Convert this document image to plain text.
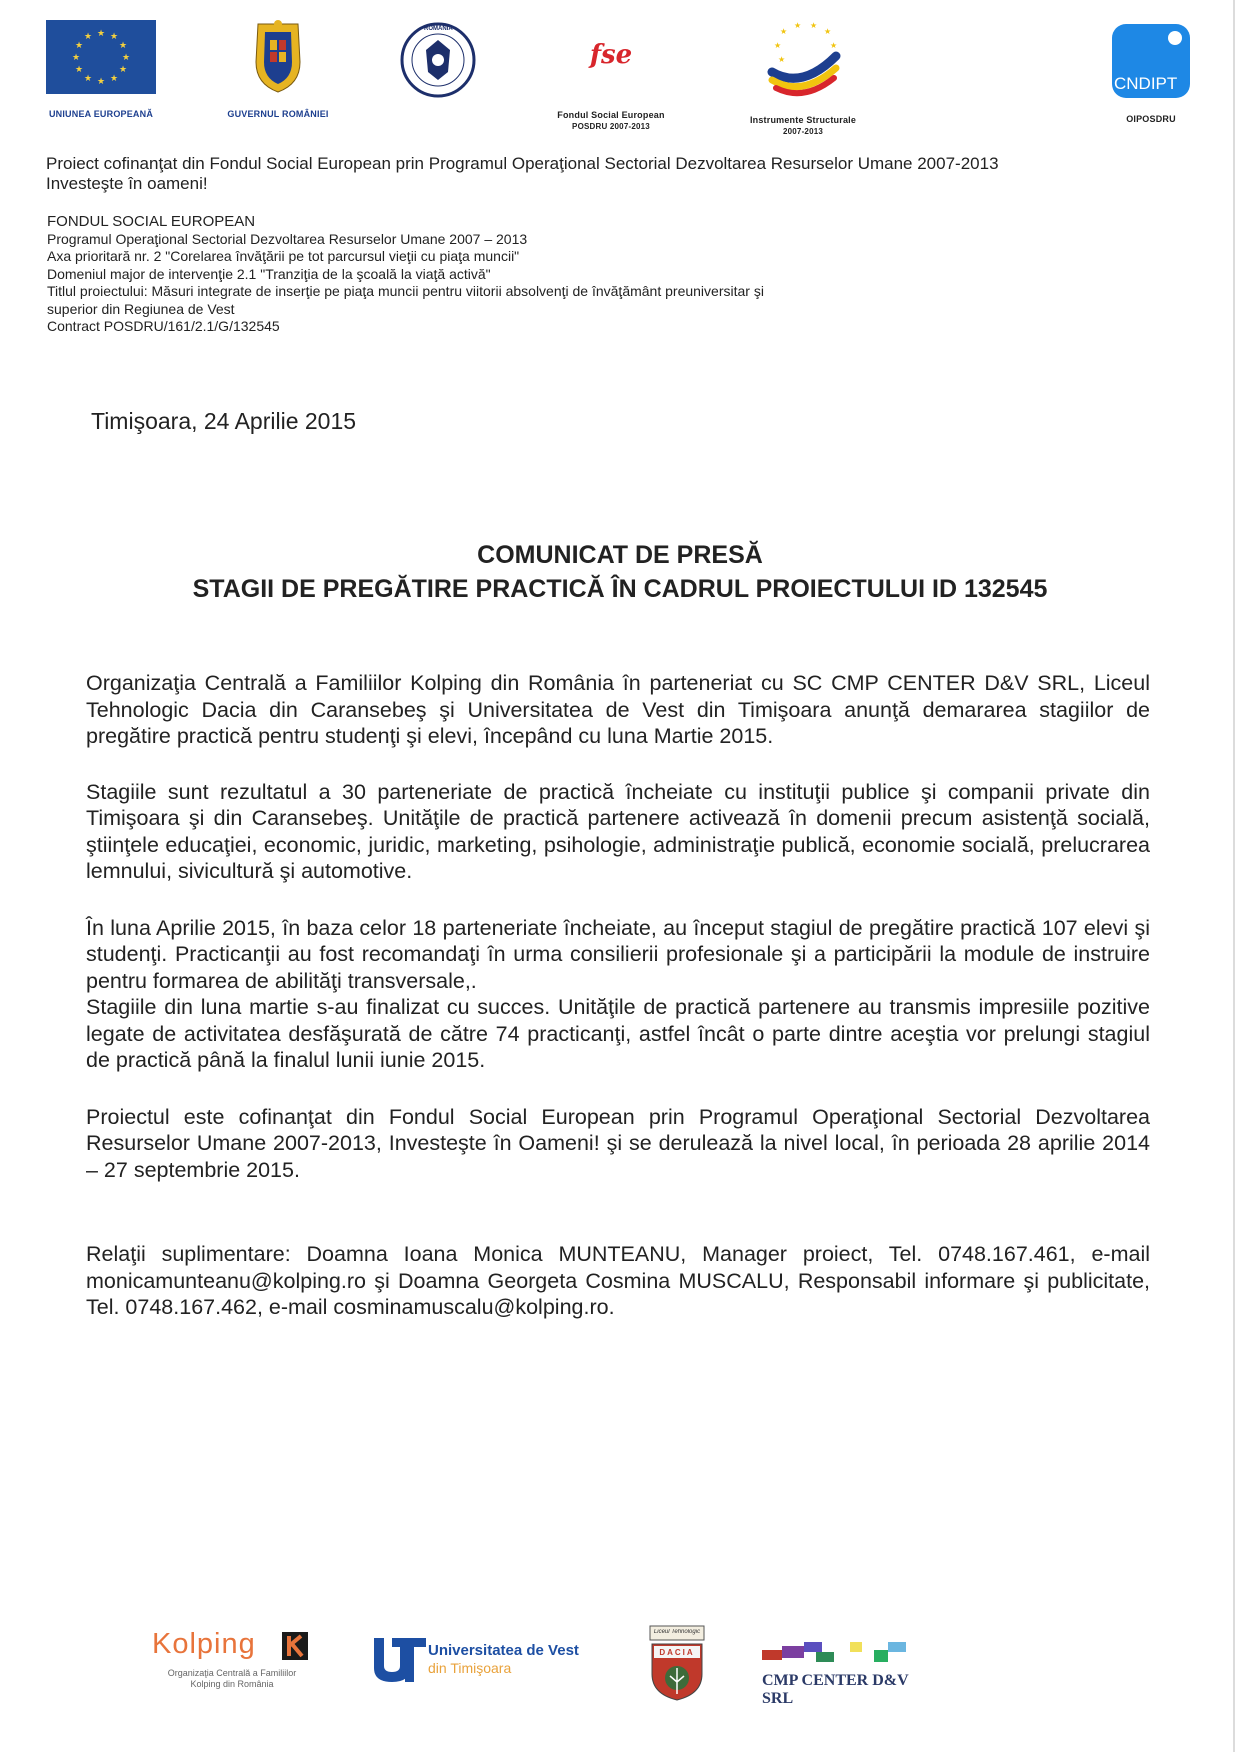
★ ★
★
★
★
★
★
★
★
★
★
★
UNIUNEA EUROPEANĂ	GUVERNUL ROMÂNIEI
ROMÂNIA
fse
Fondul Social European
POSDRU 2007-2013
★
★ ★
★
★	★
★	★
Instrumente Structurale
2007-2013
CNDIPT
OIPOSDRU
Proiect cofinanţat din Fondul Social European prin Programul Operaţional Sectorial Dezvoltarea Resurselor Umane 2007-2013
Investeşte în oameni!
FONDUL SOCIAL EUROPEAN
Programul Operaţional Sectorial Dezvoltarea Resurselor Umane 2007 – 2013
Axa prioritară nr. 2 "Corelarea învăţării pe tot parcursul vieţii cu piaţa muncii"
Domeniul major de intervenţie 2.1 "Tranziţia de la şcoală la viaţă activă"
Titlul proiectului: Măsuri integrate de inserţie pe piaţa muncii pentru viitorii absolvenţi de învăţământ preuniversitar şi
superior din Regiunea de Vest
Contract POSDRU/161/2.1/G/132545
Timişoara, 24 Aprilie 2015
COMUNICAT DE PRESĂ
STAGII DE PREGĂTIRE PRACTICĂ ÎN CADRUL PROIECTULUI ID 132545

Organizaţia Centrală a Familiilor Kolping din România în parteneriat cu SC CMP CENTER D&V SRL, Liceul Tehnologic Dacia din Caransebeş şi Universitatea de Vest din Timişoara anunţă demararea stagiilor de pregătire practică pentru studenţi şi elevi, începând cu luna Martie 2015.

Stagiile sunt rezultatul a 30 parteneriate de practică încheiate cu instituţii publice şi companii private din Timişoara şi din Caransebeş. Unităţile de practică partenere activează în domenii precum asistenţă socială, ştiinţele educaţiei, economic, juridic, marketing, psihologie, administraţie publică, economie socială, prelucrarea lemnului, sivicultură şi automotive.

În luna Aprilie 2015, în baza celor 18 parteneriate încheiate, au început stagiul de pregătire practică 107 elevi şi studenţi. Practicanţii au fost recomandaţi în urma consilierii profesionale şi a participării la module de instruire pentru formarea de abilităţi transversale,.

Stagiile din luna martie s-au finalizat cu succes. Unităţile de practică partenere au transmis impresiile pozitive legate de activitatea desfăşurată de către 74 practicanţi, astfel încât o parte dintre aceştia vor prelungi stagiul de practică până la finalul lunii iunie 2015.

Proiectul este cofinanţat din Fondul Social European prin Programul Operaţional Sectorial Dezvoltarea Resurselor Umane 2007-2013, Investeşte în Oameni! şi se derulează la nivel local, în perioada 28 aprilie 2014 – 27 septembrie 2015.

Relaţii suplimentare: Doamna Ioana Monica MUNTEANU, Manager proiect, Tel. 0748.167.461, e-mail monicamunteanu@kolping.ro şi Doamna Georgeta Cosmina MUSCALU, Responsabil informare şi publicitate, Tel. 0748.167.462, e-mail cosminamuscalu@kolping.ro.

Kolping
Organizaţia Centrală a Familiilor
Kolping din România
Universitatea de Vest
din Timişoara
Liceul Tehnologic
DACIA
CMP CENTER D&V SRL
